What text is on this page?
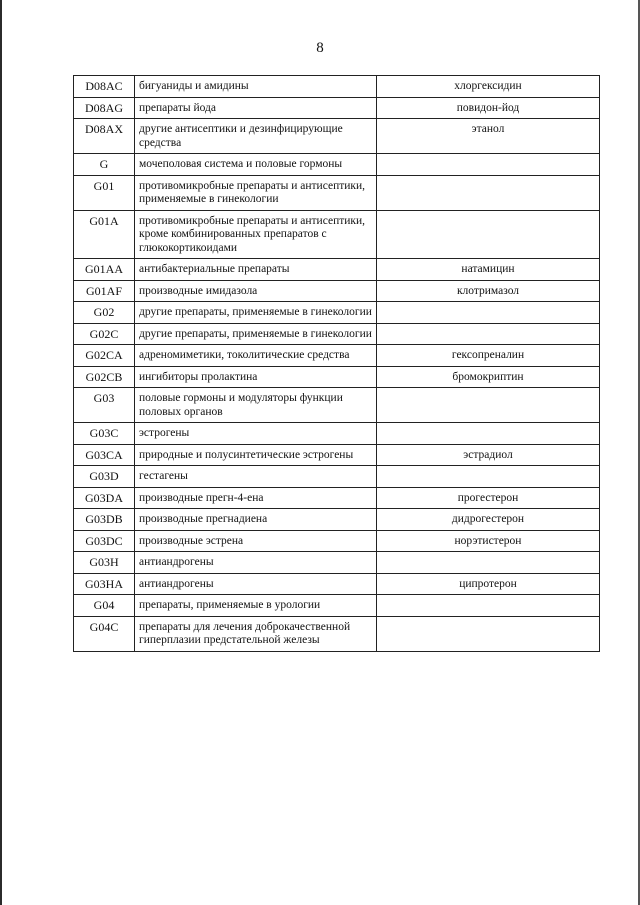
8
D08AC	бигуаниды и амидины	хлоргексидин
D08AG	препараты йода	повидон-йод
D08AX	другие антисептики и дезинфицирующие средства	этанол
G	мочеполовая система и половые гормоны	
G01	противомикробные препараты и антисептики, применяемые в гинекологии	
G01A	противомикробные препараты и антисептики, кроме комбинированных препаратов с глюкокортикоидами	
G01AA	антибактериальные препараты	натамицин
G01AF	производные имидазола	клотримазол
G02	другие препараты, применяемые в гинекологии	
G02C	другие препараты, применяемые в гинекологии	
G02CA	адреномиметики, токолитические средства	гексопреналин
G02CB	ингибиторы пролактина	бромокриптин
G03	половые гормоны и модуляторы функции половых органов	
G03C	эстрогены	
G03CA	природные и полусинтетические эстрогены	эстрадиол
G03D	гестагены	
G03DA	производные прегн-4-ена	прогестерон
G03DB	производные прегнадиена	дидрогестерон
G03DC	производные эстрена	норэтистерон
G03H	антиандрогены	
G03HA	антиандрогены	ципротерон
G04	препараты, применяемые в урологии	
G04C	препараты для лечения доброкачественной гиперплазии предстательной железы	
